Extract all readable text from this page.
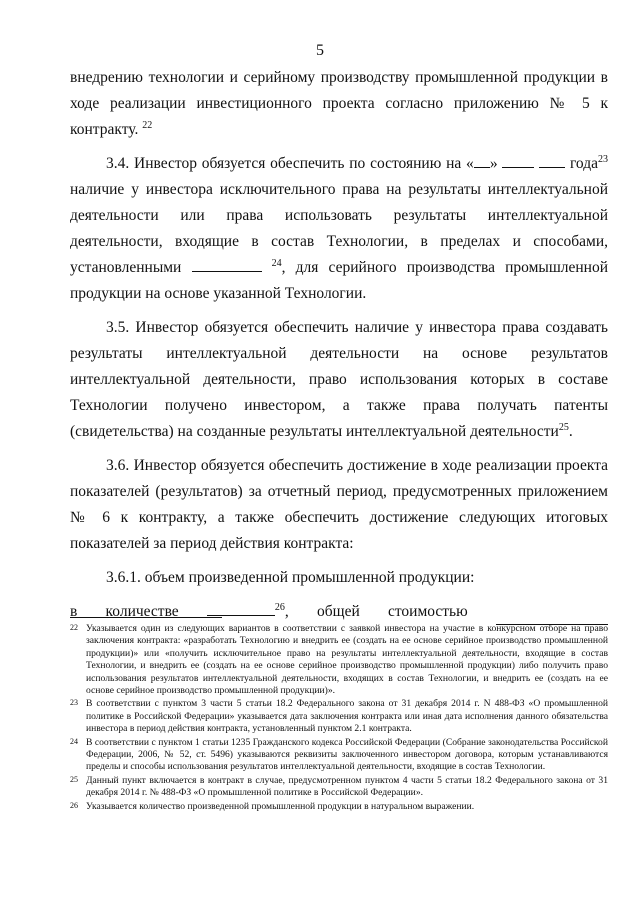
5

внедрению технологии и серийному производству промышленной продукции в ходе реализации инвестиционного проекта согласно приложению № 5 к контракту. $^{22}$

3.4. Инвестор обязуется обеспечить по состоянию на « »	года$^{23}$ наличие у инвестора исключительного права на результаты интеллектуальной деятельности или права использовать результаты интеллектуальной деятельности, входящие в состав Технологии, в пределах и способами, установленными	$^{24}$, для серийного производства промышленной продукции на основе указанной Технологии.

3.5. Инвестор обязуется обеспечить наличие у инвестора права создавать результаты интеллектуальной деятельности на основе результатов интеллектуальной деятельности, право использования которых в составе Технологии получено инвестором, а также права получать патенты (свидетельства) на созданные результаты интеллектуальной деятельности$^{25}$.

3.6. Инвестор обязуется обеспечить достижение в ходе реализации проекта показателей (результатов) за отчетный период, предусмотренных приложением № 6 к контракту, а также обеспечить достижение следующих итоговых показателей за период действия контракта:

3.6.1. объем произведенной промышленной продукции:

в количестве	$^{26}$, общей стоимостью
22 Указывается один из следующих вариантов в соответствии с заявкой инвестора на участие в конкурсном отборе на право заключения контракта: «разработать Технологию и внедрить ее (создать на ее основе серийное производство промышленной продукции)» или «получить исключительное право на результаты интеллектуальной деятельности, входящие в состав Технологии, и внедрить ее (создать на ее основе серийное производство промышленной продукции) либо получить право использования результатов интеллектуальной деятельности, входящих в состав Технологии, и внедрить ее (создать на ее основе серийное производство промышленной продукции)».
23 В соответствии с пунктом 3 части 5 статьи 18.2 Федерального закона от 31 декабря 2014 г. N 488-ФЗ «О промышленной политике в Российской Федерации» указывается дата заключения контракта или иная дата исполнения данного обязательства инвестора в период действия контракта, установленный пунктом 2.1 контракта.
24 В соответствии с пунктом 1 статьи 1235 Гражданского кодекса Российской Федерации (Собрание законодательства Российской Федерации, 2006, № 52, ст. 5496) указываются реквизиты заключенного инвестором договора, которым устанавливаются пределы и способы использования результатов интеллектуальной деятельности, входящие в состав Технологии.
25 Данный пункт включается в контракт в случае, предусмотренном пунктом 4 части 5 статьи 18.2 Федерального закона от 31 декабря 2014 г. № 488-ФЗ «О промышленной политике в Российской Федерации».
26 Указывается количество произведенной промышленной продукции в натуральном выражении.
